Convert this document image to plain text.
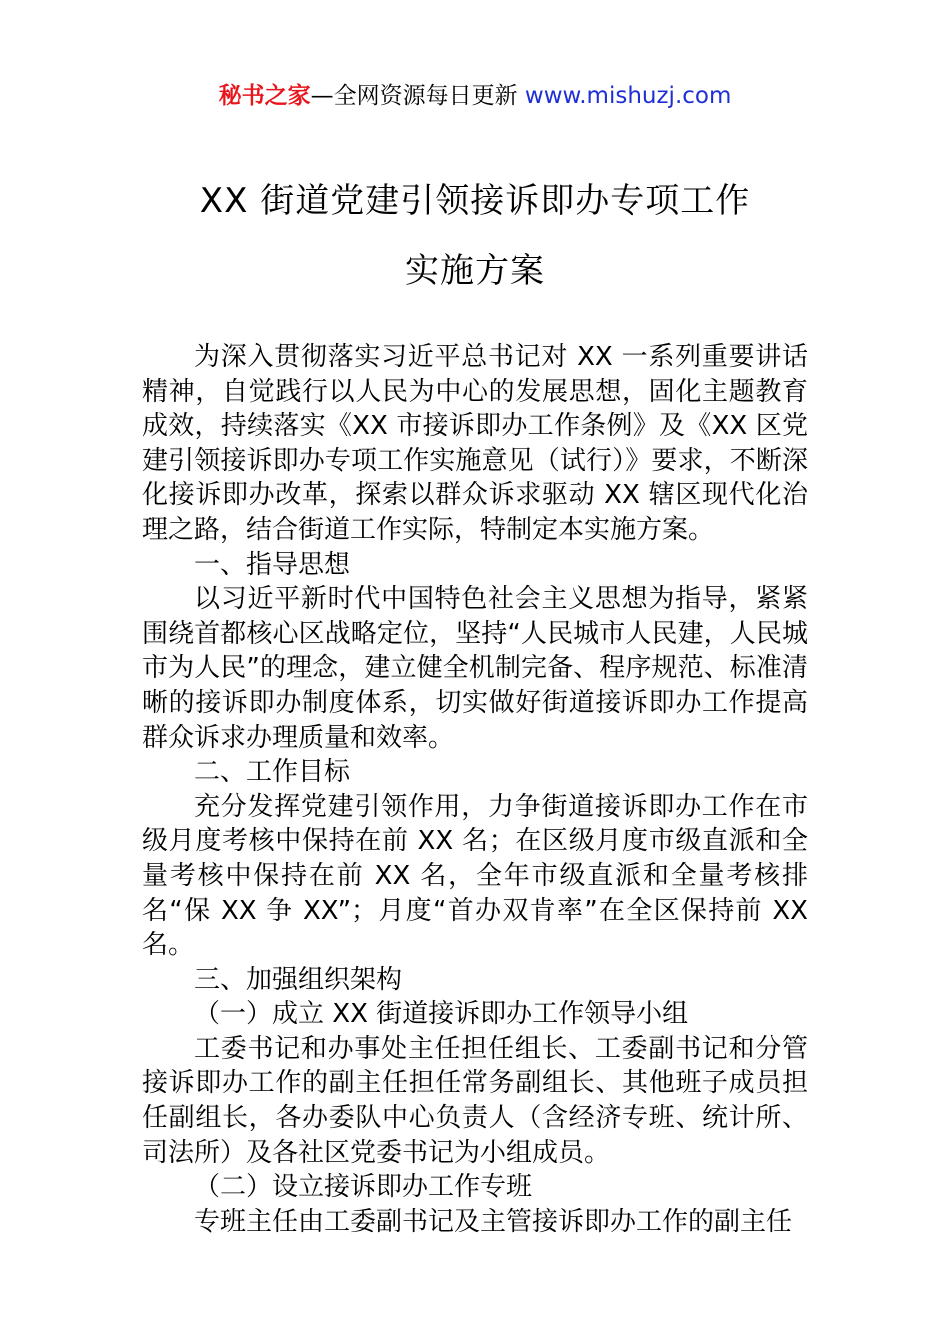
秘书之家—全网资源每日更新 www.mishuzj.com
XX 街道党建引领接诉即办专项工作
实施方案

为深入贯彻落实习近平总书记对 XX 一系列重要讲话精神，自觉践行以人民为中心的发展思想，固化主题教育成效，持续落实《XX 市接诉即办工作条例》及《XX 区党建引领接诉即办专项工作实施意见（试行）》要求，不断深化接诉即办改革，探索以群众诉求驱动 XX 辖区现代化治理之路，结合街道工作实际，特制定本实施方案。

一、指导思想

以习近平新时代中国特色社会主义思想为指导，紧紧围绕首都核心区战略定位，坚持“人民城市人民建，人民城市为人民”的理念，建立健全机制完备、程序规范、标准清晰的接诉即办制度体系，切实做好街道接诉即办工作提高群众诉求办理质量和效率。

二、工作目标

充分发挥党建引领作用，力争街道接诉即办工作在市级月度考核中保持在前 XX 名；在区级月度市级直派和全量考核中保持在前 XX 名，全年市级直派和全量考核排名“保 XX 争 XX”；月度“首办双肯率”在全区保持前 XX 名。

三、加强组织架构

（一）成立 XX 街道接诉即办工作领导小组

工委书记和办事处主任担任组长、工委副书记和分管接诉即办工作的副主任担任常务副组长、其他班子成员担任副组长，各办委队中心负责人（含经济专班、统计所、司法所）及各社区党委书记为小组成员。

（二）设立接诉即办工作专班

专班主任由工委副书记及主管接诉即办工作的副主任
